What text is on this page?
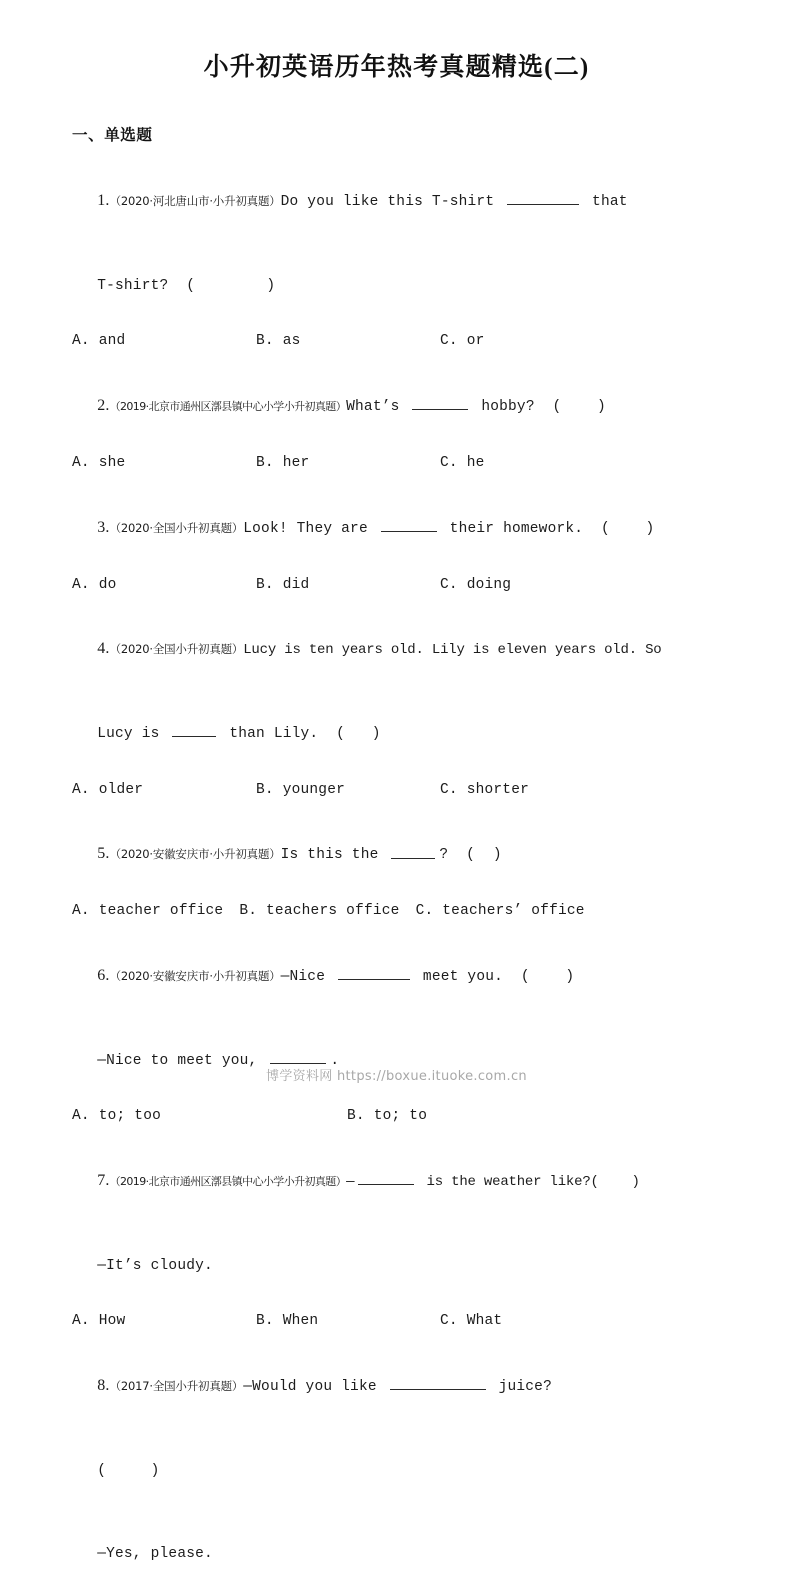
小升初英语历年热考真题精选(二)
一、单选题

1.（2020·河北唐山市·小升初真题）Do you like this T-shirt	that

T-shirt?  (        )

A. and	B. as	C. or

2.（2019·北京市通州区漷县镇中心小学小升初真题）What’s	hobby?  (    )

A. she	B. her	C. he

3.（2020·全国小升初真题）Look! They are	their homework.  (    )

A. do	B. did	C. doing

4.（2020·全国小升初真题）Lucy is ten years old. Lily is eleven years old. So

Lucy is	than Lily.  (   )

A. older	B. younger	C. shorter

5.（2020·安徽安庆市·小升初真题）Is this the	?  (  )

A. teacher office B. teachers office C. teachers’ office

6.（2020·安徽安庆市·小升初真题）—Nice	meet you.  (    )

—Nice to meet you,	.

A. to; too	B. to; to

7.（2019·北京市通州区漷县镇中心小学小升初真题）—	is the weather like?(    )

—It’s cloudy.

A. How	B. When	C. What

8.（2017·全国小升初真题）—Would you like	juice?

(     )

—Yes, please.

博学资料网 https://boxue.ituoke.com.cn
